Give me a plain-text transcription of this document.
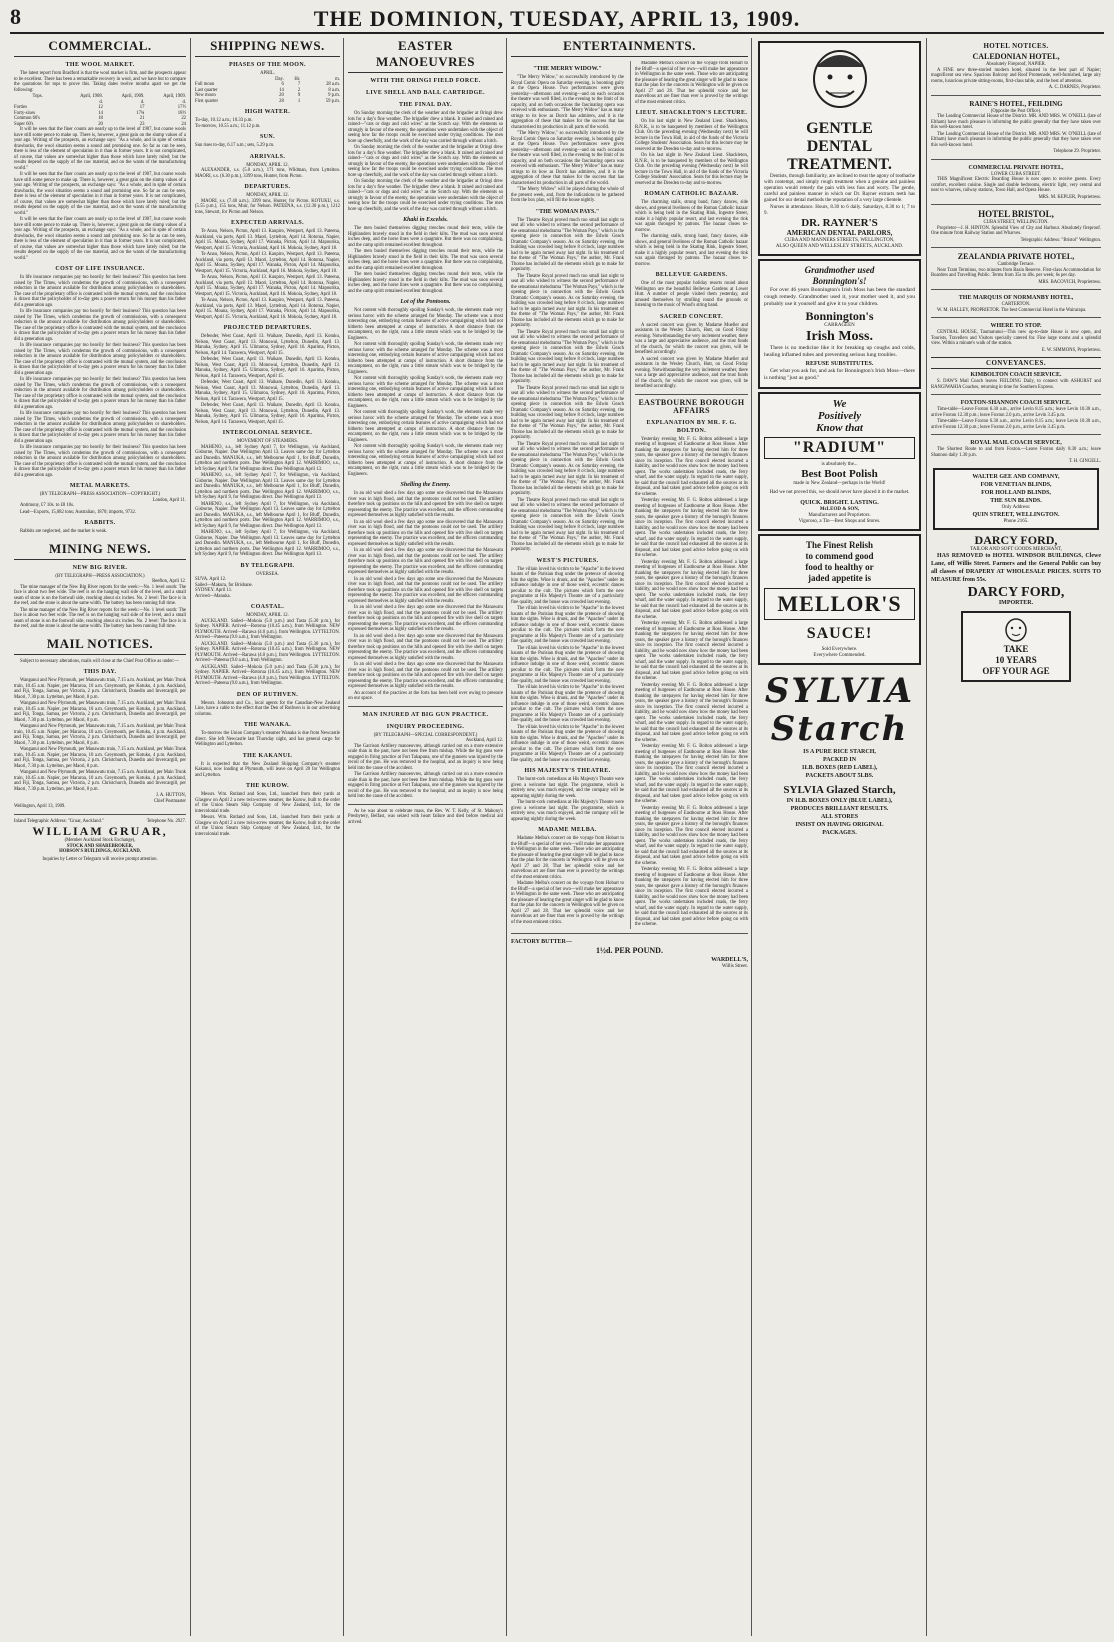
8	THE DOMINION, TUESDAY, APRIL 13, 1909.
COMMERCIAL.
THE WOOL MARKET.

The latest report from Bradford is that the wool market is firm, and the prospects appear to be excellent. There has been a remarkable recovery in wool, and we have but to compare the quotations for tops to prove this. Taking dates twelve months apart we get the following:

Tops.	April, 1908.	April, 1909.	April, 1909.
	d.	d.	d.
Forties	12	17	17½
Forty-sixes	14	17¾	18½
Common 60's	18	21	22
Super 60's	20	23	24

It will be seen that the finer counts are nearly up to the level of 1907, but coarse wools have still some pence to make up. There is, however, a great gain on the slump values of a year ago. Writing of the prospects, an exchange says: "As a whole, and in spite of certain drawbacks, the wool situation seems a sound and promising one. So far as can be seen, there is less of the element of speculation in it than in former years. It is not complicated, of course, that values are somewhat higher than those which have lately ruled; but the results depend on the supply of the raw material, and on the wants of the manufacturing world."

It will be seen that the finer counts are nearly up to the level of 1907, but coarse wools have still some pence to make up. There is, however, a great gain on the slump values of a year ago. Writing of the prospects, an exchange says: "As a whole, and in spite of certain drawbacks, the wool situation seems a sound and promising one. So far as can be seen, there is less of the element of speculation in it than in former years. It is not complicated, of course, that values are somewhat higher than those which have lately ruled; but the results depend on the supply of the raw material, and on the wants of the manufacturing world."

It will be seen that the finer counts are nearly up to the level of 1907, but coarse wools have still some pence to make up. There is, however, a great gain on the slump values of a year ago. Writing of the prospects, an exchange says: "As a whole, and in spite of certain drawbacks, the wool situation seems a sound and promising one. So far as can be seen, there is less of the element of speculation in it than in former years. It is not complicated, of course, that values are somewhat higher than those which have lately ruled; but the results depend on the supply of the raw material, and on the wants of the manufacturing world."

COST OF LIFE INSURANCE.

In life insurance companies pay too heavily for their business? This question has been raised by The Times, which condemns the growth of commissions, with a consequent reduction in the amount available for distribution among policyholders or shareholders. The case of the proprietary office is contrasted with the mutual system, and the conclusion is drawn that the policyholder of to-day gets a poorer return for his money than his father did a generation ago.

In life insurance companies pay too heavily for their business? This question has been raised by The Times, which condemns the growth of commissions, with a consequent reduction in the amount available for distribution among policyholders or shareholders. The case of the proprietary office is contrasted with the mutual system, and the conclusion is drawn that the policyholder of to-day gets a poorer return for his money than his father did a generation ago.

In life insurance companies pay too heavily for their business? This question has been raised by The Times, which condemns the growth of commissions, with a consequent reduction in the amount available for distribution among policyholders or shareholders. The case of the proprietary office is contrasted with the mutual system, and the conclusion is drawn that the policyholder of to-day gets a poorer return for his money than his father did a generation ago.

In life insurance companies pay too heavily for their business? This question has been raised by The Times, which condemns the growth of commissions, with a consequent reduction in the amount available for distribution among policyholders or shareholders. The case of the proprietary office is contrasted with the mutual system, and the conclusion is drawn that the policyholder of to-day gets a poorer return for his money than his father did a generation ago.

In life insurance companies pay too heavily for their business? This question has been raised by The Times, which condemns the growth of commissions, with a consequent reduction in the amount available for distribution among policyholders or shareholders. The case of the proprietary office is contrasted with the mutual system, and the conclusion is drawn that the policyholder of to-day gets a poorer return for his money than his father did a generation ago.

In life insurance companies pay too heavily for their business? This question has been raised by The Times, which condemns the growth of commissions, with a consequent reduction in the amount available for distribution among policyholders or shareholders. The case of the proprietary office is contrasted with the mutual system, and the conclusion is drawn that the policyholder of to-day gets a poorer return for his money than his father did a generation ago.

METAL MARKETS.
(BY TELEGRAPH—PRESS ASSOCIATION—COPYRIGHT.)
London, April 11.

Antimony, £7 10s. to £8 10s.

Lead—Exports, 15,082 tons; Australian, 1870; imports, 9732.

RABBITS.

Rabbits are neglected, and the market is weak.

MINING NEWS.
NEW BIG RIVER.
(BY TELEGRAPH—PRESS ASSOCIATION.)
Reefton, April 12.

The mine manager of the New Big River reports for the week:—No. 1 level south: The face is about two feet wide. The reef is on the hanging wall side of the level, and a small seam of stone is on the footwall side, reaching about six inches. No. 2 level: The face is in the reef, and the stone is about the same width. The battery has been running full time.

The mine manager of the New Big River reports for the week:—No. 1 level south: The face is about two feet wide. The reef is on the hanging wall side of the level, and a small seam of stone is on the footwall side, reaching about six inches. No. 2 level: The face is in the reef, and the stone is about the same width. The battery has been running full time.

MAIL NOTICES.

Subject to necessary alterations, mails will close at the Chief Post Office as under:—

THIS DAY.

Wanganui and New Plymouth, per Manawatu train, 7.15 a.m. Auckland, per Main Trunk train, 10.45 a.m. Napier, per Mararoa, 10 a.m. Greymouth, per Kotuku, 4 p.m. Auckland, and Fiji, Tonga, Samoa, per Victoria, 2 p.m. Christchurch, Dunedin and Invercargill, per Maori, 7.30 p.m. Lyttelton, per Maori, 8 p.m.

Wanganui and New Plymouth, per Manawatu train, 7.15 a.m. Auckland, per Main Trunk train, 10.45 a.m. Napier, per Mararoa, 10 a.m. Greymouth, per Kotuku, 4 p.m. Auckland, and Fiji, Tonga, Samoa, per Victoria, 2 p.m. Christchurch, Dunedin and Invercargill, per Maori, 7.30 p.m. Lyttelton, per Maori, 8 p.m.

Wanganui and New Plymouth, per Manawatu train, 7.15 a.m. Auckland, per Main Trunk train, 10.45 a.m. Napier, per Mararoa, 10 a.m. Greymouth, per Kotuku, 4 p.m. Auckland, and Fiji, Tonga, Samoa, per Victoria, 2 p.m. Christchurch, Dunedin and Invercargill, per Maori, 7.30 p.m. Lyttelton, per Maori, 8 p.m.

Wanganui and New Plymouth, per Manawatu train, 7.15 a.m. Auckland, per Main Trunk train, 10.45 a.m. Napier, per Mararoa, 10 a.m. Greymouth, per Kotuku, 4 p.m. Auckland, and Fiji, Tonga, Samoa, per Victoria, 2 p.m. Christchurch, Dunedin and Invercargill, per Maori, 7.30 p.m. Lyttelton, per Maori, 8 p.m.

Wanganui and New Plymouth, per Manawatu train, 7.15 a.m. Auckland, per Main Trunk train, 10.45 a.m. Napier, per Mararoa, 10 a.m. Greymouth, per Kotuku, 4 p.m. Auckland, and Fiji, Tonga, Samoa, per Victoria, 2 p.m. Christchurch, Dunedin and Invercargill, per Maori, 7.30 p.m. Lyttelton, per Maori, 8 p.m.

J. A. HUTTON,
Chief Postmaster
Wellington, April 13, 1909.
Inland Telegraphic Address: "Gruar, Auckland."	Telephone No. 2927.
WILLIAM GRUAR,
(Member Auckland Stock Exchange),
STOCK AND SHAREBROKER,
HOBSON'S BUILDINGS, AUCKLAND.
Inquiries by Letter or Telegram will receive prompt attention.
SHIPPING NEWS.
PHASES OF THE MOON.
APRIL.
	Day.	Hr.	m.
Full moon	6	7	28 a.m.
Last quarter	14	2	8 a.m.
New moon	20	9	9 p.m.
First quarter	28	1	59 p.m.
HIGH WATER.
To-day, 10.12 a.m.; 10.33 p.m.
To-morrow, 10.55 a.m.; 11.12 p.m.
SUN.
Sun rises to-day, 6.17 a.m.; sets, 5.29 p.m.
ARRIVALS.
MONDAY, APRIL 12.

ALEXANDER, s.s. (5.0 a.m.), 171 tons, Wildman, from Lyttelton. MAORI, s.s. (6.30 p.m.), 3399 tons, Hunter, from Picton.

DEPARTURES.
MONDAY, APRIL 12.

MAORI, s.s. (7.40 a.m.), 3399 tons, Hunter, for Picton. KOTUKU, s.s. (5.55 p.m.), 155 tons, Muir, for Nelson. PATEENA, s.s. (12.30 p.m.), 1212 tons, Stewart, for Picton and Nelson.

EXPECTED ARRIVALS.

Te Anau, Nelson, Picton, April 13. Kaupiro, Westport, April 13. Pateena, Auckland, via ports, April 13. Maori, Lyttelton, April 14. Rotorua, Napier, April 15. Moana, Sydney, April 17. Wanaka, Picton, April 14. Mapourika, Westport, April 15. Victoria, Auckland, April 16. Mokoia, Sydney, April 18.

Te Anau, Nelson, Picton, April 13. Kaupiro, Westport, April 13. Pateena, Auckland, via ports, April 13. Maori, Lyttelton, April 14. Rotorua, Napier, April 15. Moana, Sydney, April 17. Wanaka, Picton, April 14. Mapourika, Westport, April 15. Victoria, Auckland, April 16. Mokoia, Sydney, April 18.

Te Anau, Nelson, Picton, April 13. Kaupiro, Westport, April 13. Pateena, Auckland, via ports, April 13. Maori, Lyttelton, April 14. Rotorua, Napier, April 15. Moana, Sydney, April 17. Wanaka, Picton, April 14. Mapourika, Westport, April 15. Victoria, Auckland, April 16. Mokoia, Sydney, April 18.

Te Anau, Nelson, Picton, April 13. Kaupiro, Westport, April 13. Pateena, Auckland, via ports, April 13. Maori, Lyttelton, April 14. Rotorua, Napier, April 15. Moana, Sydney, April 17. Wanaka, Picton, April 14. Mapourika, Westport, April 15. Victoria, Auckland, April 16. Mokoia, Sydney, April 18.

PROJECTED DEPARTURES.

Defender, West Coast, April 13. Waikare, Dunedin, April 13. Kotuku, Nelson, West Coast, April 13. Monowai, Lyttelton, Dunedin, April 13. Manuka, Sydney, April 15. Ulimaroa, Sydney, April 16. Aparima, Picton, Nelson, April 14. Tarawera, Westport, April 15.

Defender, West Coast, April 13. Waikare, Dunedin, April 13. Kotuku, Nelson, West Coast, April 13. Monowai, Lyttelton, Dunedin, April 13. Manuka, Sydney, April 15. Ulimaroa, Sydney, April 16. Aparima, Picton, Nelson, April 14. Tarawera, Westport, April 15.

Defender, West Coast, April 13. Waikare, Dunedin, April 13. Kotuku, Nelson, West Coast, April 13. Monowai, Lyttelton, Dunedin, April 13. Manuka, Sydney, April 15. Ulimaroa, Sydney, April 16. Aparima, Picton, Nelson, April 14. Tarawera, Westport, April 15.

Defender, West Coast, April 13. Waikare, Dunedin, April 13. Kotuku, Nelson, West Coast, April 13. Monowai, Lyttelton, Dunedin, April 13. Manuka, Sydney, April 15. Ulimaroa, Sydney, April 16. Aparima, Picton, Nelson, April 14. Tarawera, Westport, April 15.

INTERCOLONIAL SERVICE.
MOVEMENT OF STEAMERS.

MAHENO, s.s., left Sydney April 7, for Wellington, via Auckland, Gisborne, Napier. Due Wellington April 13. Leaves same day for Lyttelton and Dunedin. MANUKA, s.s., left Melbourne April 1, for Bluff, Dunedin, Lyttelton and northern ports. Due Wellington April 12. WARRIMOO, s.s., left Sydney April 9, for Wellington direct. Due Wellington April 13.

MAHENO, s.s., left Sydney April 7, for Wellington, via Auckland, Gisborne, Napier. Due Wellington April 13. Leaves same day for Lyttelton and Dunedin. MANUKA, s.s., left Melbourne April 1, for Bluff, Dunedin, Lyttelton and northern ports. Due Wellington April 12. WARRIMOO, s.s., left Sydney April 9, for Wellington direct. Due Wellington April 13.

MAHENO, s.s., left Sydney April 7, for Wellington, via Auckland, Gisborne, Napier. Due Wellington April 13. Leaves same day for Lyttelton and Dunedin. MANUKA, s.s., left Melbourne April 1, for Bluff, Dunedin, Lyttelton and northern ports. Due Wellington April 12. WARRIMOO, s.s., left Sydney April 9, for Wellington direct. Due Wellington April 13.

MAHENO, s.s., left Sydney April 7, for Wellington, via Auckland, Gisborne, Napier. Due Wellington April 13. Leaves same day for Lyttelton and Dunedin. MANUKA, s.s., left Melbourne April 1, for Bluff, Dunedin, Lyttelton and northern ports. Due Wellington April 12. WARRIMOO, s.s., left Sydney April 9, for Wellington direct. Due Wellington April 13.

BY TELEGRAPH.
OVERSEA.
SUVA. April 12.
Sailed—Makura, for Brisbane.
SYDNEY. April 11.
Arrived—Manuka.
COASTAL.
MONDAY, APRIL 12.

AUCKLAND. Sailed—Mokoia (5.0 p.m.) and Tasta (5.30 p.m.), for Sydney. NAPIER. Arrived—Rotorua (10.45 a.m.), from Wellington. NEW PLYMOUTH. Arrived—Rarawa (4.0 p.m.), from Wellington. LYTTELTON. Arrived—Pateena (9.0 a.m.), from Wellington.

AUCKLAND. Sailed—Mokoia (5.0 p.m.) and Tasta (5.30 p.m.), for Sydney. NAPIER. Arrived—Rotorua (10.45 a.m.), from Wellington. NEW PLYMOUTH. Arrived—Rarawa (4.0 p.m.), from Wellington. LYTTELTON. Arrived—Pateena (9.0 a.m.), from Wellington.

AUCKLAND. Sailed—Mokoia (5.0 p.m.) and Tasta (5.30 p.m.), for Sydney. NAPIER. Arrived—Rotorua (10.45 a.m.), from Wellington. NEW PLYMOUTH. Arrived—Rarawa (4.0 p.m.), from Wellington. LYTTELTON. Arrived—Pateena (9.0 a.m.), from Wellington.

DEN OF RUTHVEN.

Messrs. Johnston and Co., local agents for the Canadian-New Zealand Line, have a cable to the effect that the Den of Ruthven is in our advertising columns.

THE WANAKA.

To-morrow the Union Company's steamer Wanaka is due from Newcastle direct. She left Newcastle last Thursday night, and has general cargo for Wellington and Lyttelton.

THE KAKANUI.

It is expected that the New Zealand Shipping Company's steamer Kakanui, now loading at Plymouth, will leave on April 20 for Wellington and Lyttelton.

THE KUROW.

Messrs. Wm. Rutland and Sons, Ltd., launched from their yards at Glasgow on April 2 a new twin-screw steamer, the Kurow, built to the order of the Union Steam Ship Company of New Zealand, Ltd., for the intercolonial trade.

Messrs. Wm. Rutland and Sons, Ltd., launched from their yards at Glasgow on April 2 a new twin-screw steamer, the Kurow, built to the order of the Union Steam Ship Company of New Zealand, Ltd., for the intercolonial trade.

EASTER MANOEUVRES
WITH THE ORINGI FIELD FORCE.
LIVE SHELL AND BALL CARTRIDGE.
THE FINAL DAY.

On Sunday morning the clerk of the weather and the brigadier at Oringi drew lots for a day's fine weather. The brigadier drew a blank. It rained and rained and rained—"cats or dogs and cold wires" as the Scotch say. With the elements so strongly in favour of the enemy, the operations were undertaken with the object of seeing how far the troops could be exercised under trying conditions. The men bore up cheerfully, and the work of the day was carried through without a hitch.

On Sunday morning the clerk of the weather and the brigadier at Oringi drew lots for a day's fine weather. The brigadier drew a blank. It rained and rained and rained—"cats or dogs and cold wires" as the Scotch say. With the elements so strongly in favour of the enemy, the operations were undertaken with the object of seeing how far the troops could be exercised under trying conditions. The men bore up cheerfully, and the work of the day was carried through without a hitch.

On Sunday morning the clerk of the weather and the brigadier at Oringi drew lots for a day's fine weather. The brigadier drew a blank. It rained and rained and rained—"cats or dogs and cold wires" as the Scotch say. With the elements so strongly in favour of the enemy, the operations were undertaken with the object of seeing how far the troops could be exercised under trying conditions. The men bore up cheerfully, and the work of the day was carried through without a hitch.

Khaki in Excelsis.

The men busied themselves digging trenches round their tents, while the Highlanders bravely stood in the field in their kilts. The mud was soon several inches deep, and the horse lines were a quagmire. But there was no complaining, and the camp spirit remained excellent throughout.

The men busied themselves digging trenches round their tents, while the Highlanders bravely stood in the field in their kilts. The mud was soon several inches deep, and the horse lines were a quagmire. But there was no complaining, and the camp spirit remained excellent throughout.

The men busied themselves digging trenches round their tents, while the Highlanders bravely stood in the field in their kilts. The mud was soon several inches deep, and the horse lines were a quagmire. But there was no complaining, and the camp spirit remained excellent throughout.

Lot of the Pontoons.

Not content with thoroughly spoiling Sunday's work, the elements made very serious havoc with the scheme arranged for Monday. The scheme was a most interesting one, embodying certain features of active campaigning which had not hitherto been attempted at camps of instruction. A short distance from the encampment, on the right, runs a little stream which was to be bridged by the Engineers.

Not content with thoroughly spoiling Sunday's work, the elements made very serious havoc with the scheme arranged for Monday. The scheme was a most interesting one, embodying certain features of active campaigning which had not hitherto been attempted at camps of instruction. A short distance from the encampment, on the right, runs a little stream which was to be bridged by the Engineers.

Not content with thoroughly spoiling Sunday's work, the elements made very serious havoc with the scheme arranged for Monday. The scheme was a most interesting one, embodying certain features of active campaigning which had not hitherto been attempted at camps of instruction. A short distance from the encampment, on the right, runs a little stream which was to be bridged by the Engineers.

Not content with thoroughly spoiling Sunday's work, the elements made very serious havoc with the scheme arranged for Monday. The scheme was a most interesting one, embodying certain features of active campaigning which had not hitherto been attempted at camps of instruction. A short distance from the encampment, on the right, runs a little stream which was to be bridged by the Engineers.

Not content with thoroughly spoiling Sunday's work, the elements made very serious havoc with the scheme arranged for Monday. The scheme was a most interesting one, embodying certain features of active campaigning which had not hitherto been attempted at camps of instruction. A short distance from the encampment, on the right, runs a little stream which was to be bridged by the Engineers.

Shelling the Enemy.

In an old wool shed a few days ago some one discovered that the Manawatu river was in high flood, and that the pontoons could not be used. The artillery therefore took up positions on the hills and opened fire with live shell on targets representing the enemy. The practice was excellent, and the officers commanding expressed themselves as highly satisfied with the results.

In an old wool shed a few days ago some one discovered that the Manawatu river was in high flood, and that the pontoons could not be used. The artillery therefore took up positions on the hills and opened fire with live shell on targets representing the enemy. The practice was excellent, and the officers commanding expressed themselves as highly satisfied with the results.

In an old wool shed a few days ago some one discovered that the Manawatu river was in high flood, and that the pontoons could not be used. The artillery therefore took up positions on the hills and opened fire with live shell on targets representing the enemy. The practice was excellent, and the officers commanding expressed themselves as highly satisfied with the results.

In an old wool shed a few days ago some one discovered that the Manawatu river was in high flood, and that the pontoons could not be used. The artillery therefore took up positions on the hills and opened fire with live shell on targets representing the enemy. The practice was excellent, and the officers commanding expressed themselves as highly satisfied with the results.

In an old wool shed a few days ago some one discovered that the Manawatu river was in high flood, and that the pontoons could not be used. The artillery therefore took up positions on the hills and opened fire with live shell on targets representing the enemy. The practice was excellent, and the officers commanding expressed themselves as highly satisfied with the results.

In an old wool shed a few days ago some one discovered that the Manawatu river was in high flood, and that the pontoons could not be used. The artillery therefore took up positions on the hills and opened fire with live shell on targets representing the enemy. The practice was excellent, and the officers commanding expressed themselves as highly satisfied with the results.

In an old wool shed a few days ago some one discovered that the Manawatu river was in high flood, and that the pontoons could not be used. The artillery therefore took up positions on the hills and opened fire with live shell on targets representing the enemy. The practice was excellent, and the officers commanding expressed themselves as highly satisfied with the results.

An account of the practices at the forts has been held over owing to pressure on our space.

MAN INJURED AT BIG GUN PRACTICE.
INQUIRY PROCEEDING.
(BY TELEGRAPH—SPECIAL CORRESPONDENT.)
Auckland, April 12.

The Garrison Artillery manoeuvres, although carried out on a more extensive scale than in the past, have not been free from mishap. While the big guns were engaged in firing practice at Fort Takapuna, one of the gunners was injured by the recoil of the gun. He was removed to the hospital, and an inquiry is now being held into the cause of the accident.

The Garrison Artillery manoeuvres, although carried out on a more extensive scale than in the past, have not been free from mishap. While the big guns were engaged in firing practice at Fort Takapuna, one of the gunners was injured by the recoil of the gun. He was removed to the hospital, and an inquiry is now being held into the cause of the accident.

As he was about to celebrate mass, the Rev. W. T. Kelly, of St. Mahony's Presbytery, Belfast, was seized with heart failure and died before medical aid arrived.

ENTERTAINMENTS.
"THE MERRY WIDOW."

"The Merry Widow," so successfully introduced by the Royal Comic Opera on Saturday evening, is booming gaily at the Opera House. Two performances were given yesterday—afternoon and evening—and on each occasion the theatre was well filled, in the evening to the limit of its capacity, and on both occasions the fascinating opera was received with enthusiasm. "The Merry Widow" has as many strings to its bow as Dorrit has admirers, and it is the aggregation of these that makes for the success that has characterised its production in all parts of the world.

"The Merry Widow," so successfully introduced by the Royal Comic Opera on Saturday evening, is booming gaily at the Opera House. Two performances were given yesterday—afternoon and evening—and on each occasion the theatre was well filled, in the evening to the limit of its capacity, and on both occasions the fascinating opera was received with enthusiasm. "The Merry Widow" has as many strings to its bow as Dorrit has admirers, and it is the aggregation of these that makes for the success that has characterised its production in all parts of the world.

"The Merry Widow" will be played during the whole of the present week, and, from the indications to be gathered from the box plan, will fill the house nightly.

"THE WOMAN PAYS."

The Theatre Royal proved much too small last night to seat all who wished to witness the second performance of the sensational melodrama "The Woman Pays," which is the opening piece in connection with the Edwin Geach Dramatic Company's season. As on Saturday evening, the building was crowded long before 8 o'clock, large numbers had to be again turned away last night. In his treatment of the theme of "The Woman Pays," the author, Mr. Frank Thorne has included all the elements which go to make for popularity.

The Theatre Royal proved much too small last night to seat all who wished to witness the second performance of the sensational melodrama "The Woman Pays," which is the opening piece in connection with the Edwin Geach Dramatic Company's season. As on Saturday evening, the building was crowded long before 8 o'clock, large numbers had to be again turned away last night. In his treatment of the theme of "The Woman Pays," the author, Mr. Frank Thorne has included all the elements which go to make for popularity.

The Theatre Royal proved much too small last night to seat all who wished to witness the second performance of the sensational melodrama "The Woman Pays," which is the opening piece in connection with the Edwin Geach Dramatic Company's season. As on Saturday evening, the building was crowded long before 8 o'clock, large numbers had to be again turned away last night. In his treatment of the theme of "The Woman Pays," the author, Mr. Frank Thorne has included all the elements which go to make for popularity.

The Theatre Royal proved much too small last night to seat all who wished to witness the second performance of the sensational melodrama "The Woman Pays," which is the opening piece in connection with the Edwin Geach Dramatic Company's season. As on Saturday evening, the building was crowded long before 8 o'clock, large numbers had to be again turned away last night. In his treatment of the theme of "The Woman Pays," the author, Mr. Frank Thorne has included all the elements which go to make for popularity.

The Theatre Royal proved much too small last night to seat all who wished to witness the second performance of the sensational melodrama "The Woman Pays," which is the opening piece in connection with the Edwin Geach Dramatic Company's season. As on Saturday evening, the building was crowded long before 8 o'clock, large numbers had to be again turned away last night. In his treatment of the theme of "The Woman Pays," the author, Mr. Frank Thorne has included all the elements which go to make for popularity.

The Theatre Royal proved much too small last night to seat all who wished to witness the second performance of the sensational melodrama "The Woman Pays," which is the opening piece in connection with the Edwin Geach Dramatic Company's season. As on Saturday evening, the building was crowded long before 8 o'clock, large numbers had to be again turned away last night. In his treatment of the theme of "The Woman Pays," the author, Mr. Frank Thorne has included all the elements which go to make for popularity.

WEST'S PICTURES.

The villain loved his victim to be "Apache" in the lowest haunts of the Parisian thug under the pretence of showing him the sights. Wine is drunk, and the "Apaches" under its influence indulge in one of those weird, eccentric dances peculiar to the cult. The pictures which form the new programme at His Majesty's Theatre are of a particularly fine quality, and the house was crowded last evening.

The villain loved his victim to be "Apache" in the lowest haunts of the Parisian thug under the pretence of showing him the sights. Wine is drunk, and the "Apaches" under its influence indulge in one of those weird, eccentric dances peculiar to the cult. The pictures which form the new programme at His Majesty's Theatre are of a particularly fine quality, and the house was crowded last evening.

The villain loved his victim to be "Apache" in the lowest haunts of the Parisian thug under the pretence of showing him the sights. Wine is drunk, and the "Apaches" under its influence indulge in one of those weird, eccentric dances peculiar to the cult. The pictures which form the new programme at His Majesty's Theatre are of a particularly fine quality, and the house was crowded last evening.

The villain loved his victim to be "Apache" in the lowest haunts of the Parisian thug under the pretence of showing him the sights. Wine is drunk, and the "Apaches" under its influence indulge in one of those weird, eccentric dances peculiar to the cult. The pictures which form the new programme at His Majesty's Theatre are of a particularly fine quality, and the house was crowded last evening.

The villain loved his victim to be "Apache" in the lowest haunts of the Parisian thug under the pretence of showing him the sights. Wine is drunk, and the "Apaches" under its influence indulge in one of those weird, eccentric dances peculiar to the cult. The pictures which form the new programme at His Majesty's Theatre are of a particularly fine quality, and the house was crowded last evening.

HIS MAJESTY'S THEATRE.

The burnt-cork comedians at His Majesty's Theatre were given a welcome last night. The programme, which is entirely new, was much enjoyed, and the company will be appearing nightly during the week.

The burnt-cork comedians at His Majesty's Theatre were given a welcome last night. The programme, which is entirely new, was much enjoyed, and the company will be appearing nightly during the week.

MADAME MELBA.

Madame Melba's concert on the voyage from Hobart to the Bluff—a special of her own—will make her appearance in Wellington in the same week. Those who are anticipating the pleasure of hearing the great singer will be glad to know that the plan for the concerts in Wellington will be given on April 27 and 28. That her splendid voice and her marvellous art are finer than ever is proved by the writings of the most eminent critics.

Madame Melba's concert on the voyage from Hobart to the Bluff—a special of her own—will make her appearance in Wellington in the same week. Those who are anticipating the pleasure of hearing the great singer will be glad to know that the plan for the concerts in Wellington will be given on April 27 and 28. That her splendid voice and her marvellous art are finer than ever is proved by the writings of the most eminent critics.

Madame Melba's concert on the voyage from Hobart to the Bluff—a special of her own—will make her appearance in Wellington in the same week. Those who are anticipating the pleasure of hearing the great singer will be glad to know that the plan for the concerts in Wellington will be given on April 27 and 28. That her splendid voice and her marvellous art are finer than ever is proved by the writings of the most eminent critics.

LIEUT. SHACKLETON'S LECTURE.

On his last night in New Zealand Lieut. Shackleton, R.N.R., is to be banqueted by members of the Wellington Club. On the preceding evening (Wednesday next) he will lecture in the Town Hall, in aid of the funds of the Victoria College Students' Association. Seats for this lecture may be reserved at the Dresden to-day and to-morrow.

On his last night in New Zealand Lieut. Shackleton, R.N.R., is to be banqueted by members of the Wellington Club. On the preceding evening (Wednesday next) he will lecture in the Town Hall, in aid of the funds of the Victoria College Students' Association. Seats for this lecture may be reserved at the Dresden to-day and to-morrow.

ROMAN CATHOLIC BAZAAR.

The charming stalls, strong band, fancy dances, side shows, and general liveliness of the Roman Catholic bazaar which is being held in the Skating Rink, Ingestre Street, make it a highly popular resort, and last evening the rink was again thronged by patrons. The bazaar closes to-morrow.

The charming stalls, strong band, fancy dances, side shows, and general liveliness of the Roman Catholic bazaar which is being held in the Skating Rink, Ingestre Street, make it a highly popular resort, and last evening the rink was again thronged by patrons. The bazaar closes to-morrow.

BELLEVUE GARDENS.

One of the most popular holiday resorts round about Wellington are the beautiful Bellevue Gardens at Lower Hutt. A number of people visited them yesterday, and amused themselves by strolling round the grounds or listening to the music of Wood's string band.

SACRED CONCERT.

A sacred concert was given by Madame Mueller and assistants in the Wesley Church, Hutt, on Good Friday evening. Notwithstanding the very inclement weather, there was a large and appreciative audience, and the trust funds of the church, for which the concert was given, will be benefited accordingly.

A sacred concert was given by Madame Mueller and assistants in the Wesley Church, Hutt, on Good Friday evening. Notwithstanding the very inclement weather, there was a large and appreciative audience, and the trust funds of the church, for which the concert was given, will be benefited accordingly.

EASTBOURNE BOROUGH AFFAIRS
EXPLANATION BY MR. F. G. BOLTON.

Yesterday evening Mr. F. G. Bolton addressed a large meeting of burgesses of Eastbourne at Ross House. After thanking the ratepayers for having elected him for three years, the speaker gave a history of the borough's finances since its inception. The first council elected incurred a liability, and he would now show how the money had been spent. The works undertaken included roads, the ferry wharf, and the water supply. In regard to the water supply, he said that the council had exhausted all the sources at its disposal, and had taken good advice before going on with the scheme.

Yesterday evening Mr. F. G. Bolton addressed a large meeting of burgesses of Eastbourne at Ross House. After thanking the ratepayers for having elected him for three years, the speaker gave a history of the borough's finances since its inception. The first council elected incurred a liability, and he would now show how the money had been spent. The works undertaken included roads, the ferry wharf, and the water supply. In regard to the water supply, he said that the council had exhausted all the sources at its disposal, and had taken good advice before going on with the scheme.

Yesterday evening Mr. F. G. Bolton addressed a large meeting of burgesses of Eastbourne at Ross House. After thanking the ratepayers for having elected him for three years, the speaker gave a history of the borough's finances since its inception. The first council elected incurred a liability, and he would now show how the money had been spent. The works undertaken included roads, the ferry wharf, and the water supply. In regard to the water supply, he said that the council had exhausted all the sources at its disposal, and had taken good advice before going on with the scheme.

Yesterday evening Mr. F. G. Bolton addressed a large meeting of burgesses of Eastbourne at Ross House. After thanking the ratepayers for having elected him for three years, the speaker gave a history of the borough's finances since its inception. The first council elected incurred a liability, and he would now show how the money had been spent. The works undertaken included roads, the ferry wharf, and the water supply. In regard to the water supply, he said that the council had exhausted all the sources at its disposal, and had taken good advice before going on with the scheme.

Yesterday evening Mr. F. G. Bolton addressed a large meeting of burgesses of Eastbourne at Ross House. After thanking the ratepayers for having elected him for three years, the speaker gave a history of the borough's finances since its inception. The first council elected incurred a liability, and he would now show how the money had been spent. The works undertaken included roads, the ferry wharf, and the water supply. In regard to the water supply, he said that the council had exhausted all the sources at its disposal, and had taken good advice before going on with the scheme.

Yesterday evening Mr. F. G. Bolton addressed a large meeting of burgesses of Eastbourne at Ross House. After thanking the ratepayers for having elected him for three years, the speaker gave a history of the borough's finances since its inception. The first council elected incurred a liability, and he would now show how the money had been spent. The works undertaken included roads, the ferry wharf, and the water supply. In regard to the water supply, he said that the council had exhausted all the sources at its disposal, and had taken good advice before going on with the scheme.

Yesterday evening Mr. F. G. Bolton addressed a large meeting of burgesses of Eastbourne at Ross House. After thanking the ratepayers for having elected him for three years, the speaker gave a history of the borough's finances since its inception. The first council elected incurred a liability, and he would now show how the money had been spent. The works undertaken included roads, the ferry wharf, and the water supply. In regard to the water supply, he said that the council had exhausted all the sources at its disposal, and had taken good advice before going on with the scheme.

Yesterday evening Mr. F. G. Bolton addressed a large meeting of burgesses of Eastbourne at Ross House. After thanking the ratepayers for having elected him for three years, the speaker gave a history of the borough's finances since its inception. The first council elected incurred a liability, and he would now show how the money had been spent. The works undertaken included roads, the ferry wharf, and the water supply. In regard to the water supply, he said that the council had exhausted all the sources at its disposal, and had taken good advice before going on with the scheme.

FACTORY BUTTER—
1½d. PER POUND.
WARDELL'S,
Willis Street.
GENTLE
DENTAL
TREATMENT.

Dentists, through familiarity, are inclined to treat the agony of toothache with contempt, and simply rough treatment when a genuine and painless operation would remedy the pain with less fuss and worry. The gentle, careful and painless manner in which our Dr. Rayner extracts teeth has gained for our dental methods the reputation of a very large clientele.

Nurses in attendance. Hours, 8.30 to 6 daily. Saturdays, 8.30 to 1; 7 to 9.

DR. RAYNER'S
AMERICAN DENTAL PARLORS,
CUBA AND MANNERS STREETS, WELLINGTON,
ALSO QUEEN AND WELLESLEY STREETS, AUCKLAND.
Grandmother used
Bonnington's!

For over 46 years Bonnington's Irish Moss has been the standard cough remedy. Grandmother used it, your mother used it, and you probably use it yourself and give it to your children.

Bonnington's
CARRAGEEN
Irish Moss.

There is no medicine like it for breaking up coughs and colds, healing inflamed tubes and preventing serious lung troubles.

REFUSE SUBSTITUTES.

Get what you ask for, and ask for Bonnington's Irish Moss—there is nothing "just as good."

We
Positively
Know that
"RADIUM"
is absolutely the...
Best Boot Polish
made in New Zealand—perhaps in the World!
Had we not proved this, we should never have placed it in the market.
QUICK. BRIGHT. LASTING.
McLEOD & SON,
Manufacturers and Proprietors.
Vigoroso, a Tin—Best Shops and Stores.
The Finest Relish
to commend good
food to healthy or
jaded appetite is
MELLOR'S
SAUCE!
Sold Everywhere.
Everywhere Commended.
SYLVIA
Starch
IS A PURE RICE STARCH,
PACKED IN
1LB. BOXES (RED LABEL),
PACKETS ABOUT 5LBS.
SYLVIA Glazed Starch,
IN 1LB. BOXES ONLY (BLUE LABEL),
PRODUCES BRILLIANT RESULTS.
ALL STORES
INSIST ON HAVING ORIGINAL
PACKAGES.
HOTEL NOTICES.
CALEDONIAN HOTEL,
Absolutely Fireproof, NAPIER.

A FINE new three-storied modern hotel, situated in the best part of Napier; magnificent sea view. Spacious Balcony and Roof Promenade, well-furnished, large airy rooms, luxurious private sitting-rooms, first-class table, and the best of attention.

A. C. DARNES, Proprietor.
RAINE'S HOTEL, FEILDING
(Opposite the Post Office).

The Leading Commercial House of the District. MR. AND MRS. W. O'NEILL (late of Eltham) have much pleasure in informing the public generally that they have taken over this well-known hotel.

The Leading Commercial House of the District. MR. AND MRS. W. O'NEILL (late of Eltham) have much pleasure in informing the public generally that they have taken over this well-known hotel.

Telephone 29. Proprietor.
COMMERCIAL PRIVATE HOTEL,
LOWER CUBA STREET.

THIS Magnificent Electric Boarding House is now open to receive guests. Every comfort, excellent cuisine. Single and double bedrooms, electric light, very central and near to wharves, railway stations, Town Hall, and Opera House.

MRS. M. KEPLER, Proprietress.
HOTEL BRISTOL,
CUBA STREET, WELLINGTON.

Proprietor—J. H. HINTON. Splendid View of City and Harbour. Absolutely fireproof. One minute from Railway Station and Wharves.

Telegraphic Address: "Bristol" Wellington.
ZEALANDIA PRIVATE HOTEL,
Cambridge Terrace.

Near Tram Terminus, two minutes from Basin Reserve. First-class Accommodation for Boarders and Travelling Public. Terms from 35s to 40s. per week; 6s per day.

MRS. BACOVICH, Proprietress.
THE MARQUIS OF NORMANBY HOTEL,
CARTERTON.

W. M. HALLEY, PROPRIETOR. The best Commercial Hotel in the Wairarapa.

WHERE TO STOP.

CENTRAL HOUSE, Taumarunui—This new up-to-date House is now open, and Tourists, Travellers and Visitors specially catered for. Fine large rooms and a splendid view. Within a minute's walk of the station.

E. W. SIMMONS, Proprietress.
CONVEYANCES.
KIMBOLTON COACH SERVICE.

S. DAW'S Mail Coach leaves FEILDING Daily, to connect with ASHURST and RANGIWAHIA Coaches, returning in time for Southern Express.

FOXTON-SHANNON COACH SERVICE.

Time-table—Leave Foxton 6.30 a.m., arrive Levin 8.15 a.m.; leave Levin 10.30 a.m., arrive Foxton 12.30 p.m.; leave Foxton 2.0 p.m., arrive Levin 3.45 p.m.

Time-table—Leave Foxton 6.30 a.m., arrive Levin 8.15 a.m.; leave Levin 10.30 a.m., arrive Foxton 12.30 p.m.; leave Foxton 2.0 p.m., arrive Levin 3.45 p.m.

ROYAL MAIL COACH SERVICE,

The Shortest Route to and from Foxton.—Leave Foxton daily 8.30 a.m.; leave Shannon daily 1.30 p.m.

T. H. GINGELL.
WALTER GEE AND COMPANY,
FOR VENETIAN BLINDS,
FOR HOLLAND BLINDS,
THE SUN BLINDS.
Only Address:
QUIN STREET, WELLINGTON.
Phone 2165.
DARCY FORD,
TAILOR AND SOFT GOODS MERCHANT,

HAS REMOVED to HOTEL WINDSOR BUILDINGS, Clewe Lane, off Willis Street. Farmers and the General Public can buy all classes of DRAPERY AT WHOLESALE PRICES. SUITS TO MEASURE from 55s.

DARCY FORD,
IMPORTER.
TAKE
10 YEARS
OFF YOUR AGE
